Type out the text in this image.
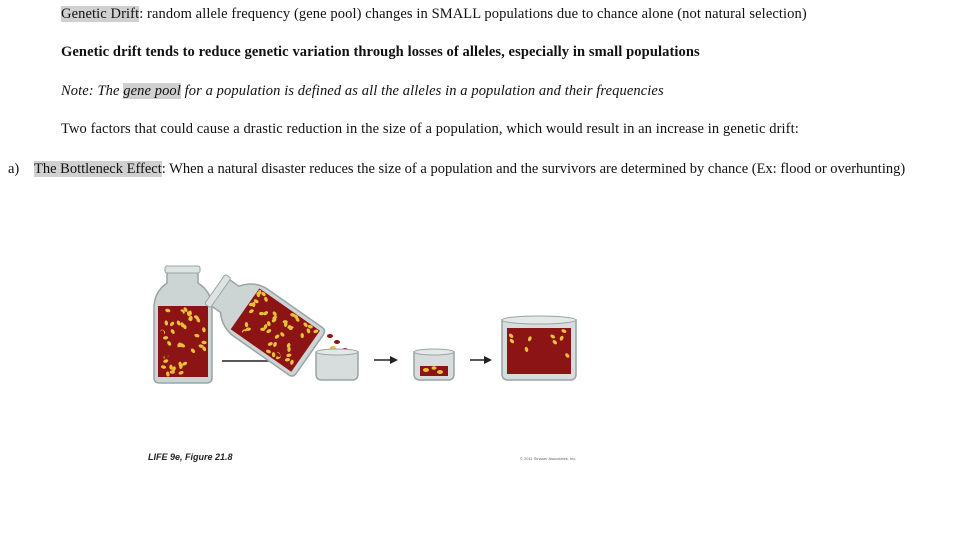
Genetic Drift: random allele frequency (gene pool) changes in SMALL populations due to chance alone (not natural selection)
Genetic drift tends to reduce genetic variation through losses of alleles, especially in small populations
Note: The gene pool for a population is defined as all the alleles in a population and their frequencies
Two factors that could cause a drastic reduction in the size of a population, which would result in an increase in genetic drift:
a) The Bottleneck Effect: When a natural disaster reduces the size of a population and the survivors are determined by chance (Ex: flood or overhunting)
LIFE 9e, Figure 21.8	© 2011 Sinauer Associates, Inc.
